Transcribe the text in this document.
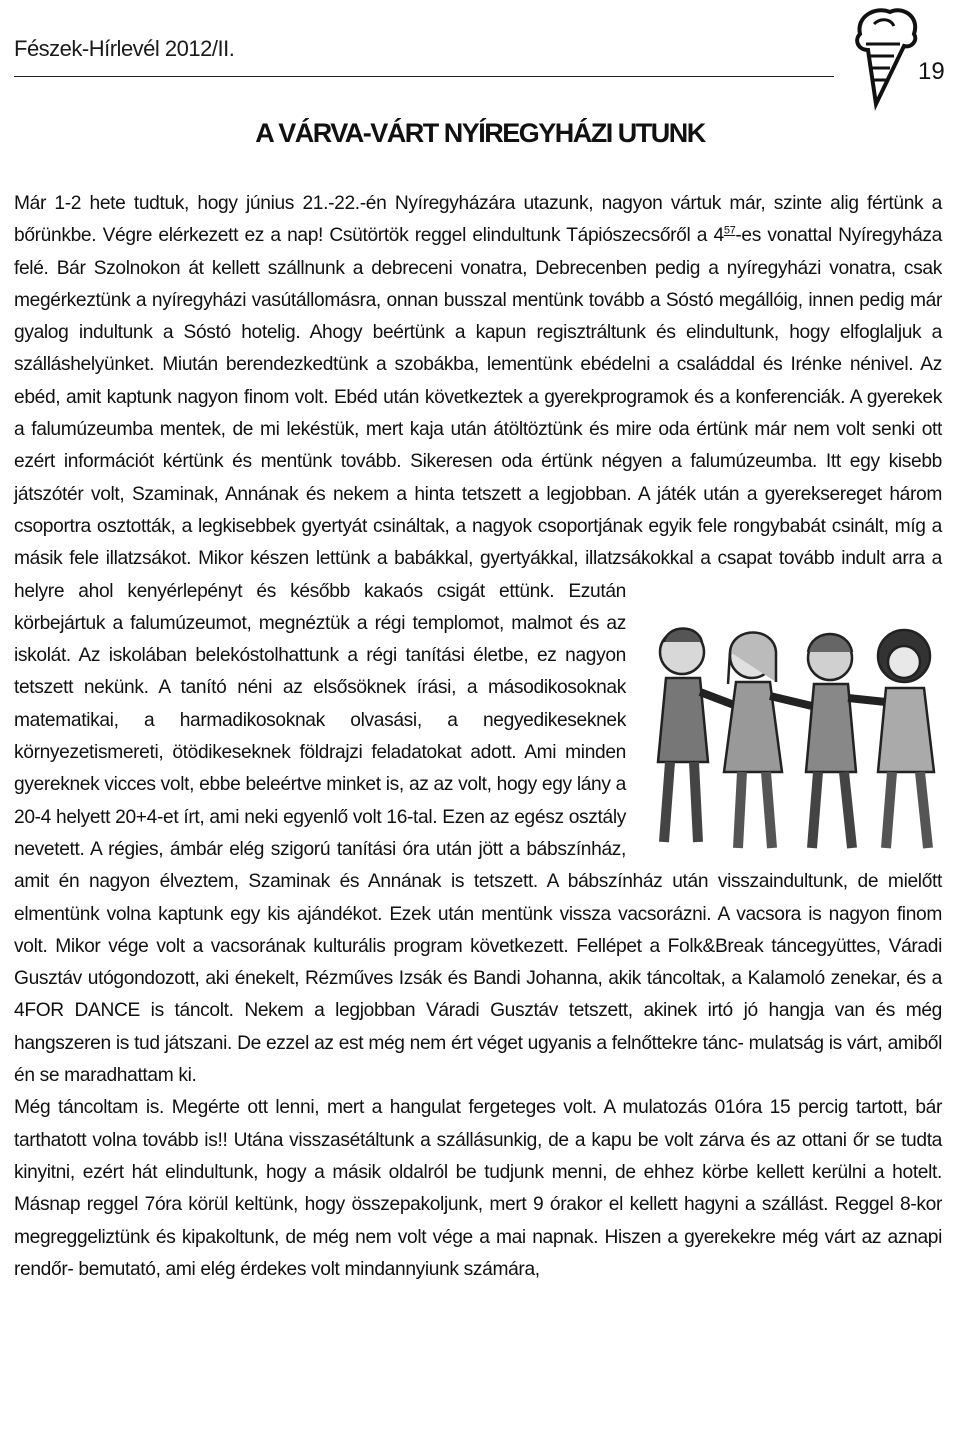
Fészek-Hírlevél 2012/II.
19
A VÁRVA-VÁRT NYÍREGYHÁZI UTUNK

Már 1-2 hete tudtuk, hogy június 21.-22.-én Nyíregyházára utazunk, nagyon vártuk már, szinte alig fértünk a bőrünkbe. Végre elérkezett ez a nap! Csütörtök reggel elindultunk Tápiószecsőről a $4^{57}-es$ vonattal Nyíregyháza felé. Bár Szolnokon át kellett szállnunk a debreceni vonatra, Debrecenben pedig a nyíregyházi vonatra, csak megérkeztünk a nyíregyházi vasútállomásra, onnan busszal mentünk tovább a Sóstó megállóig, innen pedig már gyalog indultunk a Sóstó hotelig. Ahogy beértünk a kapun regisztráltunk és elindultunk, hogy elfoglaljuk a szálláshelyünket. Miután berendezkedtünk a szobákba, lementünk ebédelni a családdal és Irénke nénivel. Az ebéd, amit kaptunk nagyon finom volt. Ebéd után következtek a gyerekprogramok és a konferenciák. A gyerekek a falumúzeumba mentek, de mi lekéstük, mert kaja után átöltöztünk és mire oda értünk már nem volt senki ott ezért információt kértünk és mentünk tovább. Sikeresen oda értünk négyen a falumúzeumba. Itt egy kisebb játszótér volt, Szaminak, Annának és nekem a hinta tetszett a legjobban. A játék után a gyereksereget három csoportra osztották, a legkisebbek gyertyát csináltak, a nagyok csoportjának egyik fele rongybabát csinált, míg a másik fele illatzsákot. Mikor készen lettünk a babákkal, gyertyákkal, illatzsákokkal a csapat tovább indult arra a helyre ahol kenyérlepényt és később kakaós csigát ettünk. Ezután körbejártuk a falumúzeumot, megnéztük a régi templomot, malmot és az iskolát. Az iskolában belekóstolhattunk a régi tanítási életbe, ez nagyon tetszett nekünk. A tanító néni az elsősöknek írási, a másodikosoknak matematikai, a harmadikosoknak olvasási, a negyedikeseknek környezetismereti, ötödikeseknek földrajzi feladatokat adott. Ami minden gyereknek vicces volt, ebbe beleértve minket is, az az volt, hogy egy lány a 20-4 helyett 20+4-et írt, ami neki egyenlő volt 16-tal. Ezen az egész osztály nevetett. A régies, ámbár elég szigorú tanítási óra után jött a bábszínház, amit én nagyon élveztem, Szaminak és Annának is tetszett. A bábszínház után visszaindultunk, de mielőtt elmentünk volna kaptunk egy kis ajándékot. Ezek után mentünk vissza vacsorázni. A vacsora is nagyon finom volt. Mikor vége volt a vacsorának kulturális program következett. Fellépet a Folk&Break táncegyüttes, Váradi Gusztáv utógondozott, aki énekelt, Rézműves Izsák és Bandi Johanna, akik táncoltak, a Kalamoló zenekar, és a 4FOR DANCE is táncolt. Nekem a legjobban Váradi Gusztáv tetszett, akinek irtó jó hangja van és még hangszeren is tud játszani. De ezzel az est még nem ért véget ugyanis a felnőttekre tánc- mulatság is várt, amiből én se maradhattam ki.

Még táncoltam is. Megérte ott lenni, mert a hangulat fergeteges volt. A mulatozás 01óra 15 percig tartott, bár tarthatott volna tovább is!! Utána visszasétáltunk a szállásunkig, de a kapu be volt zárva és az ottani őr se tudta kinyitni, ezért hát elindultunk, hogy a másik oldalról be tudjunk menni, de ehhez körbe kellett kerülni a hotelt. Másnap reggel 7óra körül keltünk, hogy összepakoljunk, mert 9 órakor el kellett hagyni a szállást. Reggel 8-kor megreggeliztünk és kipakoltunk, de még nem volt vége a mai napnak. Hiszen a gyerekekre még várt az aznapi rendőr- bemutató, ami elég érdekes volt mindannyiunk számára,
